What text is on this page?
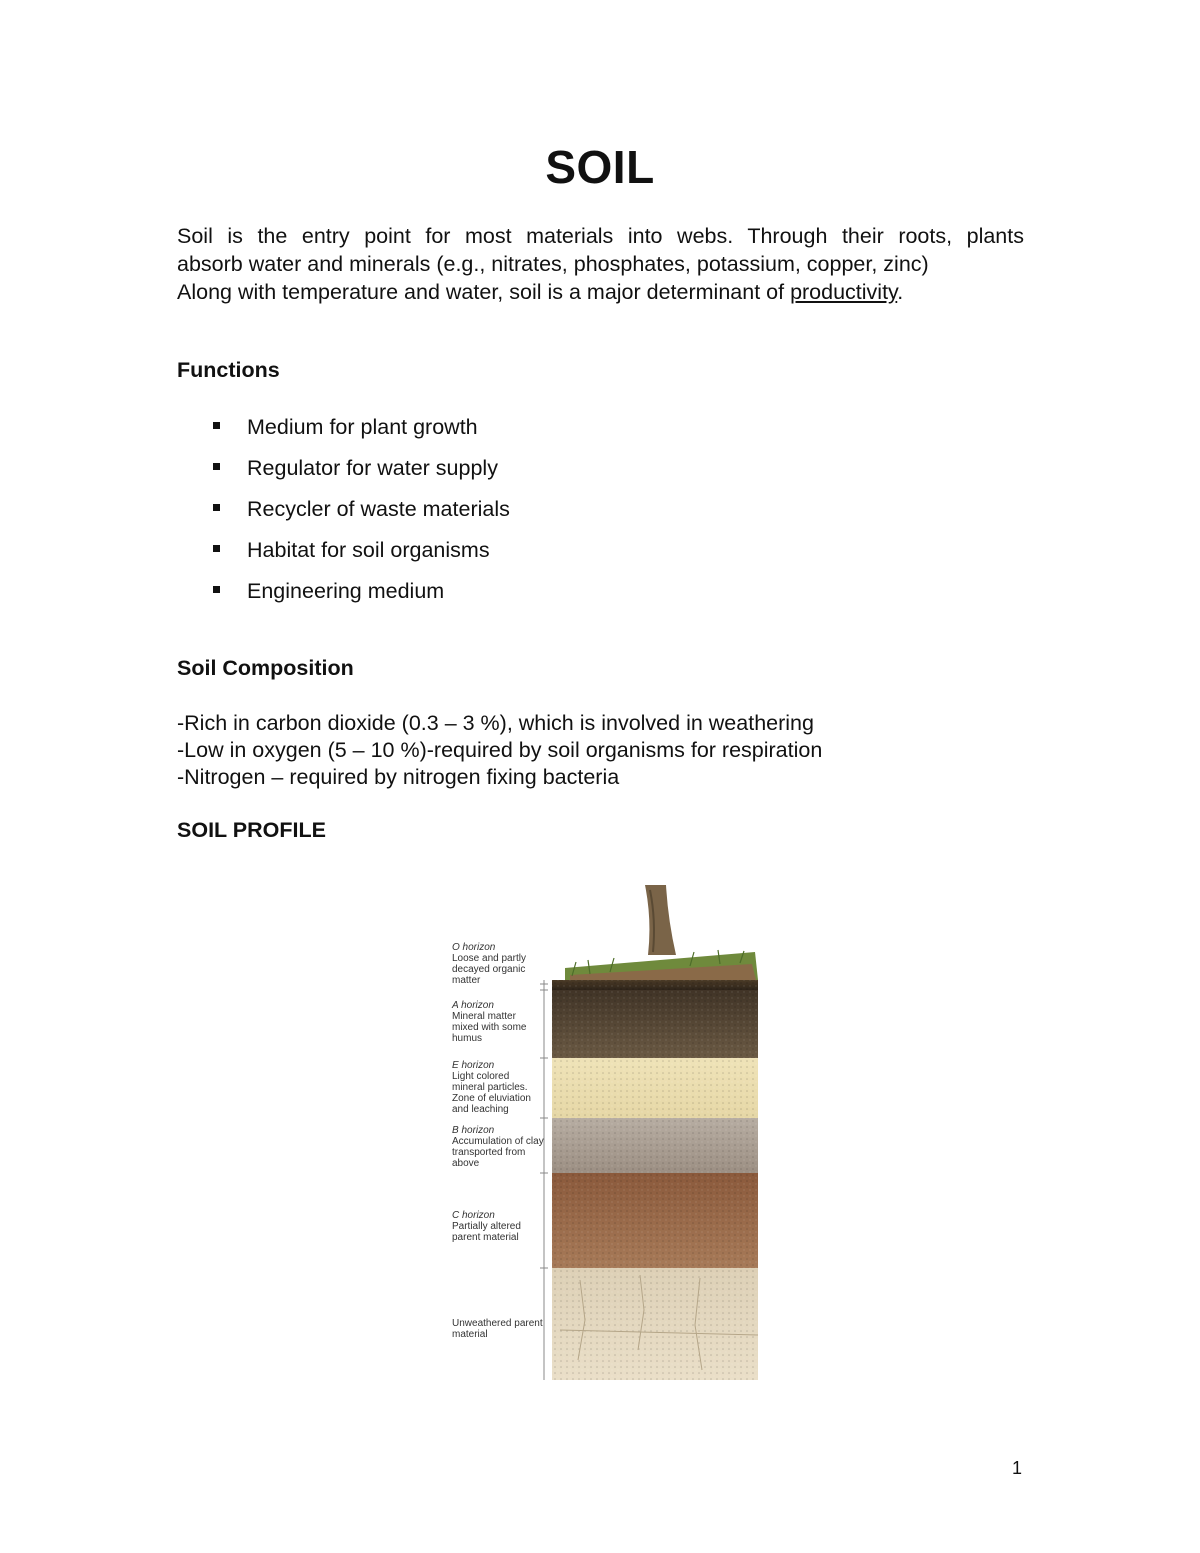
SOIL
Soil is the entry point for most materials into webs. Through their roots, plants
absorb water and minerals (e.g., nitrates, phosphates, potassium, copper, zinc)
Along with temperature and water, soil is a major determinant of productivity.
Functions
Medium for plant growth
Regulator for water supply
Recycler of waste materials
Habitat for soil organisms
Engineering medium
Soil Composition
-Rich in carbon dioxide (0.3 – 3 %), which is involved in weathering
-Low in oxygen (5 – 10 %)-required by soil organisms for respiration
-Nitrogen – required by nitrogen fixing bacteria
SOIL PROFILE
O horizon
Loose and partly decayed organic matter
A horizon
Mineral matter mixed with some humus
E horizon
Light colored mineral particles. Zone of eluviation and leaching
B horizon
Accumulation of clay transported from above
C horizon
Partially altered parent material
Unweathered parent material
1
